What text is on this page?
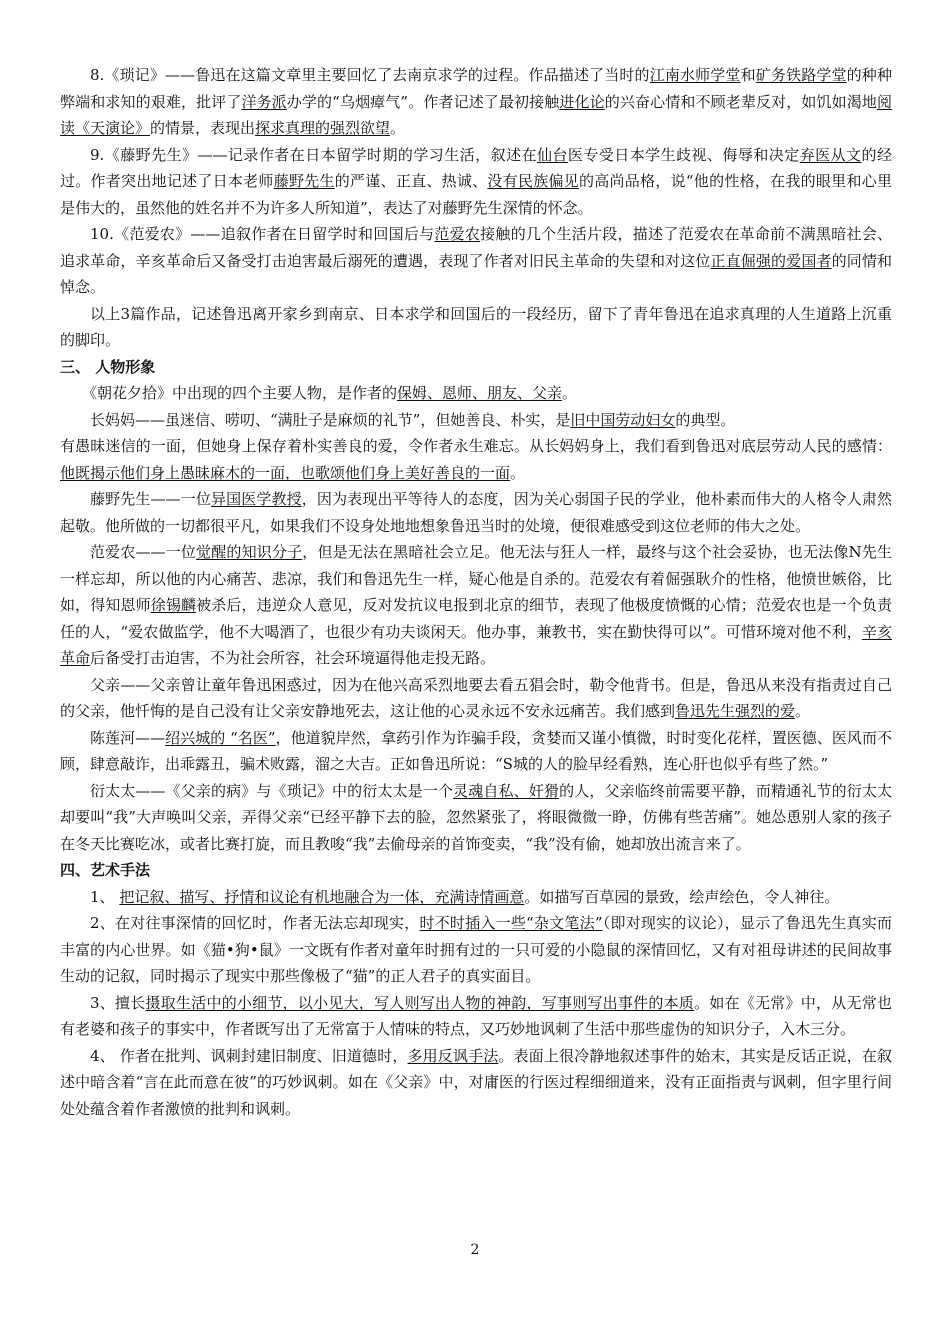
8.《琐记》——鲁迅在这篇文章里主要回忆了去南京求学的过程。作品描述了当时的江南水师学堂和矿务铁路学堂的种种弊端和求知的艰难，批评了洋务派办学的“乌烟瘴气”。作者记述了最初接触进化论的兴奋心情和不顾老辈反对，如饥如渴地阅读《天演论》的情景，表现出探求真理的强烈欲望。

9.《藤野先生》——记录作者在日本留学时期的学习生活，叙述在仙台医专受日本学生歧视、侮辱和决定弃医从文的经过。作者突出地记述了日本老师藤野先生的严谨、正直、热诚、没有民族偏见的高尚品格，说“他的性格，在我的眼里和心里是伟大的，虽然他的姓名并不为许多人所知道”，表达了对藤野先生深情的怀念。

10.《范爱农》——追叙作者在日留学时和回国后与范爱农接触的几个生活片段，描述了范爱农在革命前不满黑暗社会、追求革命，辛亥革命后又备受打击迫害最后溺死的遭遇，表现了作者对旧民主革命的失望和对这位正直倔强的爱国者的同情和悼念。

以上3篇作品，记述鲁迅离开家乡到南京、日本求学和回国后的一段经历，留下了青年鲁迅在追求真理的人生道路上沉重的脚印。

三、 人物形象

《朝花夕拾》中出现的四个主要人物，是作者的保姆、恩师、朋友、父亲。

长妈妈——虽迷信、唠叨、“满肚子是麻烦的礼节”，但她善良、朴实，是旧中国劳动妇女的典型。

有愚昧迷信的一面，但她身上保存着朴实善良的爱，令作者永生难忘。从长妈妈身上，我们看到鲁迅对底层劳动人民的感情：他既揭示他们身上愚昧麻木的一面，也歌颂他们身上美好善良的一面。

藤野先生——一位异国医学教授，因为表现出平等待人的态度，因为关心弱国子民的学业，他朴素而伟大的人格令人肃然起敬。他所做的一切都很平凡，如果我们不设身处地地想象鲁迅当时的处境，便很难感受到这位老师的伟大之处。

范爱农——一位觉醒的知识分子，但是无法在黑暗社会立足。他无法与狂人一样，最终与这个社会妥协，也无法像N先生一样忘却，所以他的内心痛苦、悲凉，我们和鲁迅先生一样，疑心他是自杀的。范爱农有着倔强耿介的性格，他愤世嫉俗，比如，得知恩师徐锡麟被杀后，违逆众人意见，反对发抗议电报到北京的细节，表现了他极度愤慨的心情；范爱农也是一个负责任的人，“爱农做监学，他不大喝酒了，也很少有功夫谈闲天。他办事，兼教书，实在勤快得可以”。可惜环境对他不利，辛亥革命后备受打击迫害，不为社会所容，社会环境逼得他走投无路。

父亲——父亲曾让童年鲁迅困惑过，因为在他兴高采烈地要去看五猖会时，勒令他背书。但是，鲁迅从来没有指责过自己的父亲，他忏悔的是自己没有让父亲安静地死去，这让他的心灵永远不安永远痛苦。我们感到鲁迅先生强烈的爱。

陈莲河——绍兴城的 “名医”，他道貌岸然，拿药引作为诈骗手段，贪婪而又谨小慎微，时时变化花样，置医德、医风而不顾，肆意敲诈，出乖露丑，骗术败露，溜之大吉。正如鲁迅所说：“S城的人的脸早经看熟，连心肝也似乎有些了然。”

衍太太——《父亲的病》与《琐记》中的衍太太是一个灵魂自私、奸猾的人，父亲临终前需要平静，而精通礼节的衍太太却要叫“我”大声唤叫父亲，弄得父亲“已经平静下去的脸，忽然紧张了，将眼微微一睁，仿佛有些苦痛”。她怂恿别人家的孩子在冬天比赛吃冰，或者比赛打旋，而且教唆“我”去偷母亲的首饰变卖，“我”没有偷，她却放出流言来了。

四、艺术手法

1、 把记叙、描写、抒情和议论有机地融合为一体，充满诗情画意。如描写百草园的景致，绘声绘色，令人神往。

2、在对往事深情的回忆时，作者无法忘却现实，时不时插入一些“杂文笔法”（即对现实的议论），显示了鲁迅先生真实而丰富的内心世界。如《猫•狗•鼠》一文既有作者对童年时拥有过的一只可爱的小隐鼠的深情回忆，又有对祖母讲述的民间故事生动的记叙，同时揭示了现实中那些像极了“猫”的正人君子的真实面目。

3、擅长摄取生活中的小细节，以小见大，写人则写出人物的神韵，写事则写出事件的本质。如在《无常》中，从无常也有老婆和孩子的事实中，作者既写出了无常富于人情味的特点，又巧妙地讽刺了生活中那些虚伪的知识分子，入木三分。

4、 作者在批判、讽刺封建旧制度、旧道德时，多用反讽手法。表面上很冷静地叙述事件的始末，其实是反话正说，在叙述中暗含着“言在此而意在彼”的巧妙讽刺。如在《父亲》中，对庸医的行医过程细细道来，没有正面指责与讽刺，但字里行间处处蕴含着作者激愤的批判和讽刺。

2
